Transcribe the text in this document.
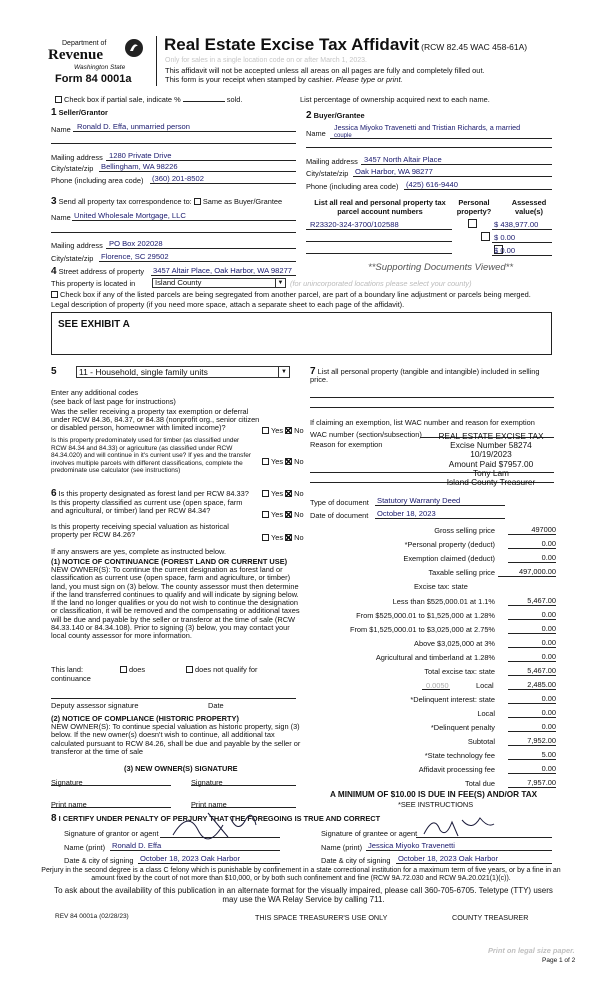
Department of
Revenue
Washington State
Form 84 0001a
Real Estate Excise Tax Affidavit (RCW 82.45 WAC 458-61A)
Only for sales in a single location code on or after March 1, 2023.
This affidavit will not be accepted unless all areas on all pages are fully and completely filled out.
This form is your receipt when stamped by cashier. Please type or print.
Check box if partial sale, indicate %	sold.	List percentage of ownership acquired next to each name.
1 Seller/Grantor
Name Ronald D. Effa, unmarried person
Mailing address 1280 Private Drive
City/state/zip Bellingham, WA 98226
Phone (including area code) (360) 201-8502
2 Buyer/Grantee
Name
Jessica Miyoko Travenetti and Tristian Richards, a married
couple
Mailing address 3457 North Altair Place
City/state/zip Oak Harbor, WA 98277
Phone (including area code) (425) 616-9440
3 Send all property tax correspondence to: Same as Buyer/Grantee
Name United Wholesale Mortgage, LLC
Mailing address PO Box 202028
City/state/zip Florence, SC 29502
List all real and personal property tax parcel account numbers
Personal property?
Assessed value(s)
R23320-324-3700/102588
	$ 438,977.00
$ 0.00
$ 0.00
4 Street address of property 3457 Altair Place, Oak Harbor, WA 98277	**Supporting Documents Viewed**
This property is located in	Island County	▼ (for unincorporated locations please select your county)
Check box if any of the listed parcels are being segregated from another parcel, are part of a boundary line adjustment or parcels being merged.
Legal description of property (if you need more space, attach a separate sheet to each page of the affidavit).
SEE EXHIBIT A
5	11 - Household, single family units	▼
Enter any additional codes
(see back of last page for instructions)
Was the seller receiving a property tax exemption or deferral under RCW 84.36, 84.37, or 84.38 (nonprofit org., senior citizen or disabled person, homeowner with limited income)?	Yes No
Is this property predominately used for timber (as classified under RCW 84.34 and 84.33) or agriculture (as classified under RCW 84.34.020) and will continue in it's current use? If yes and the transfer involves multiple parcels with different classifications, complete the predominate use calculator (see instructions)
Yes No
6 Is this property designated as forest land per RCW 84.33?	Yes No
Is this property classified as current use (open space, farm and agricultural, or timber) land per RCW 84.34?	Yes No
Is this property receiving special valuation as historical property per RCW 84.26?	Yes No
If any answers are yes, complete as instructed below.
(1) NOTICE OF CONTINUANCE (FOREST LAND OR CURRENT USE)
NEW OWNER(S): To continue the current designation as forest land or classification as current use (open space, farm and agriculture, or timber) land, you must sign on (3) below. The county assessor must then determine if the land transferred continues to qualify and will indicate by signing below. If the land no longer qualifies or you do not wish to continue the designation or classification, it will be removed and the compensating or additional taxes will be due and payable by the seller or transferor at the time of sale (RCW 84.33.140 or 84.34.108). Prior to signing (3) below, you may contact your local county assessor for more information.
This land:
continuance
does	does not qualify for
Deputy assessor signature	Date
(2) NOTICE OF COMPLIANCE (HISTORIC PROPERTY)
NEW OWNER(S): To continue special valuation as historic property, sign (3) below. If the new owner(s) doesn't wish to continue, all additional tax calculated pursuant to RCW 84.26, shall be due and payable by the seller or transferor at the time of sale
(3) NEW OWNER(S) SIGNATURE
Signature	Signature
Print name	Print name
7 List all personal property (tangible and intangible) included in selling price.
If claiming an exemption, list WAC number and reason for exemption
WAC number (section/subsection)
Reason for exemption
REAL ESTATE EXCISE TAX
Excise Number 58274
10/19/2023
Amount Paid $7957.00
Tony Lam
Island County Treasurer
Type of document Statutory Warranty Deed
Date of document October 18, 2023
Gross selling price	497000
*Personal property (deduct)	0.00
Exemption claimed (deduct)	0.00
Taxable selling price	497,000.00
Excise tax: state
Less than $525,000.01 at 1.1%	5,467.00
From $525,000.01 to $1,525,000 at 1.28%	0.00
From $1,525,000.01 to $3,025,000 at 2.75%	0.00
Above $3,025,000 at 3%	0.00
Agricultural and timberland at 1.28%	0.00
Total excise tax: state	5,467.00
0.0050	Local	2,485.00
*Delinquent interest: state	0.00
Local	0.00
*Delinquent penalty	0.00
Subtotal	7,952.00
*State technology fee	5.00
Affidavit processing fee	0.00
Total due	7,957.00
A MINIMUM OF $10.00 IS DUE IN FEE(S) AND/OR TAX
*SEE INSTRUCTIONS
8 I CERTIFY UNDER PENALTY OF PERJURY THAT THE FOREGOING IS TRUE AND CORRECT
Signature of grantor or agent	Signature of grantee or agent
Name (print) Ronald D. Effa	Name (print) Jessica Miyoko Travenetti
Date & city of signing October 18, 2023 Oak Harbor	Date & city of signing October 18, 2023 Oak Harbor
Perjury in the second degree is a class C felony which is punishable by confinement in a state correctional institution for a maximum term of five years, or by a fine in an amount fixed by the court of not more than $10,000, or by both such confinement and fine (RCW 9A.72.030 and RCW 9A.20.021(1)(c)).
To ask about the availability of this publication in an alternate format for the visually impaired, please call 360-705-6705. Teletype (TTY) users may use the WA Relay Service by calling 711.
REV 84 0001a (02/28/23)	THIS SPACE TREASURER'S USE ONLY	COUNTY TREASURER
Print on legal size paper.
Page 1 of 2
